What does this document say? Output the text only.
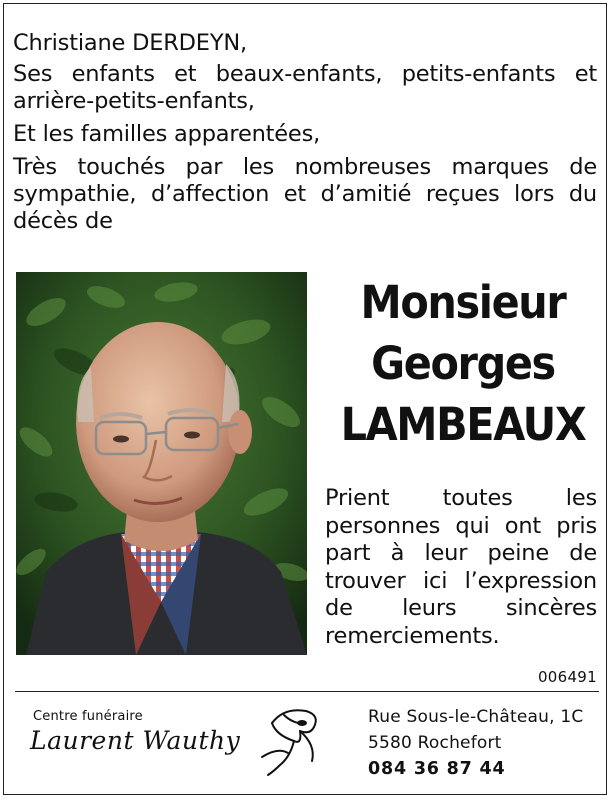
Christiane DERDEYN,

Ses enfants et beaux-enfants, petits-enfants et arrière-petits-enfants,

Et les familles apparentées,

Très touchés par les nombreuses marques de sympathie, d’affection et d’amitié reçues lors du décès de

Monsieur
Georges
LAMBEAUX
Prient toutes les personnes qui ont pris part à leur peine de trouver ici l’expression de leurs sincères remerciements.
006491
Centre funéraire
Laurent Wauthy
Rue Sous-le-Château, 1C
5580 Rochefort
084 36 87 44
